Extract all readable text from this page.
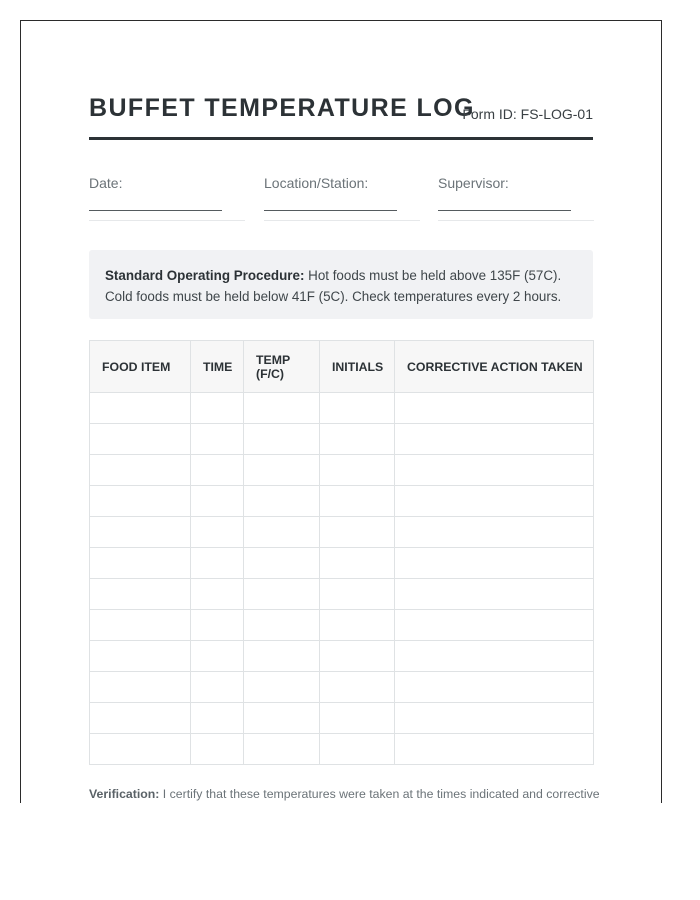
BUFFET TEMPERATURE LOG
Form ID: FS-LOG-01
Date:	Location/Station:	Supervisor:
Standard Operating Procedure: Hot foods must be held above 135F (57C). Cold foods must be held below 41F (5C). Check temperatures every 2 hours.
FOOD ITEM	TIME	TEMP (F/C)	INITIALS	CORRECTIVE ACTION TAKEN

Verification: I certify that these temperatures were taken at the times indicated and corrective
